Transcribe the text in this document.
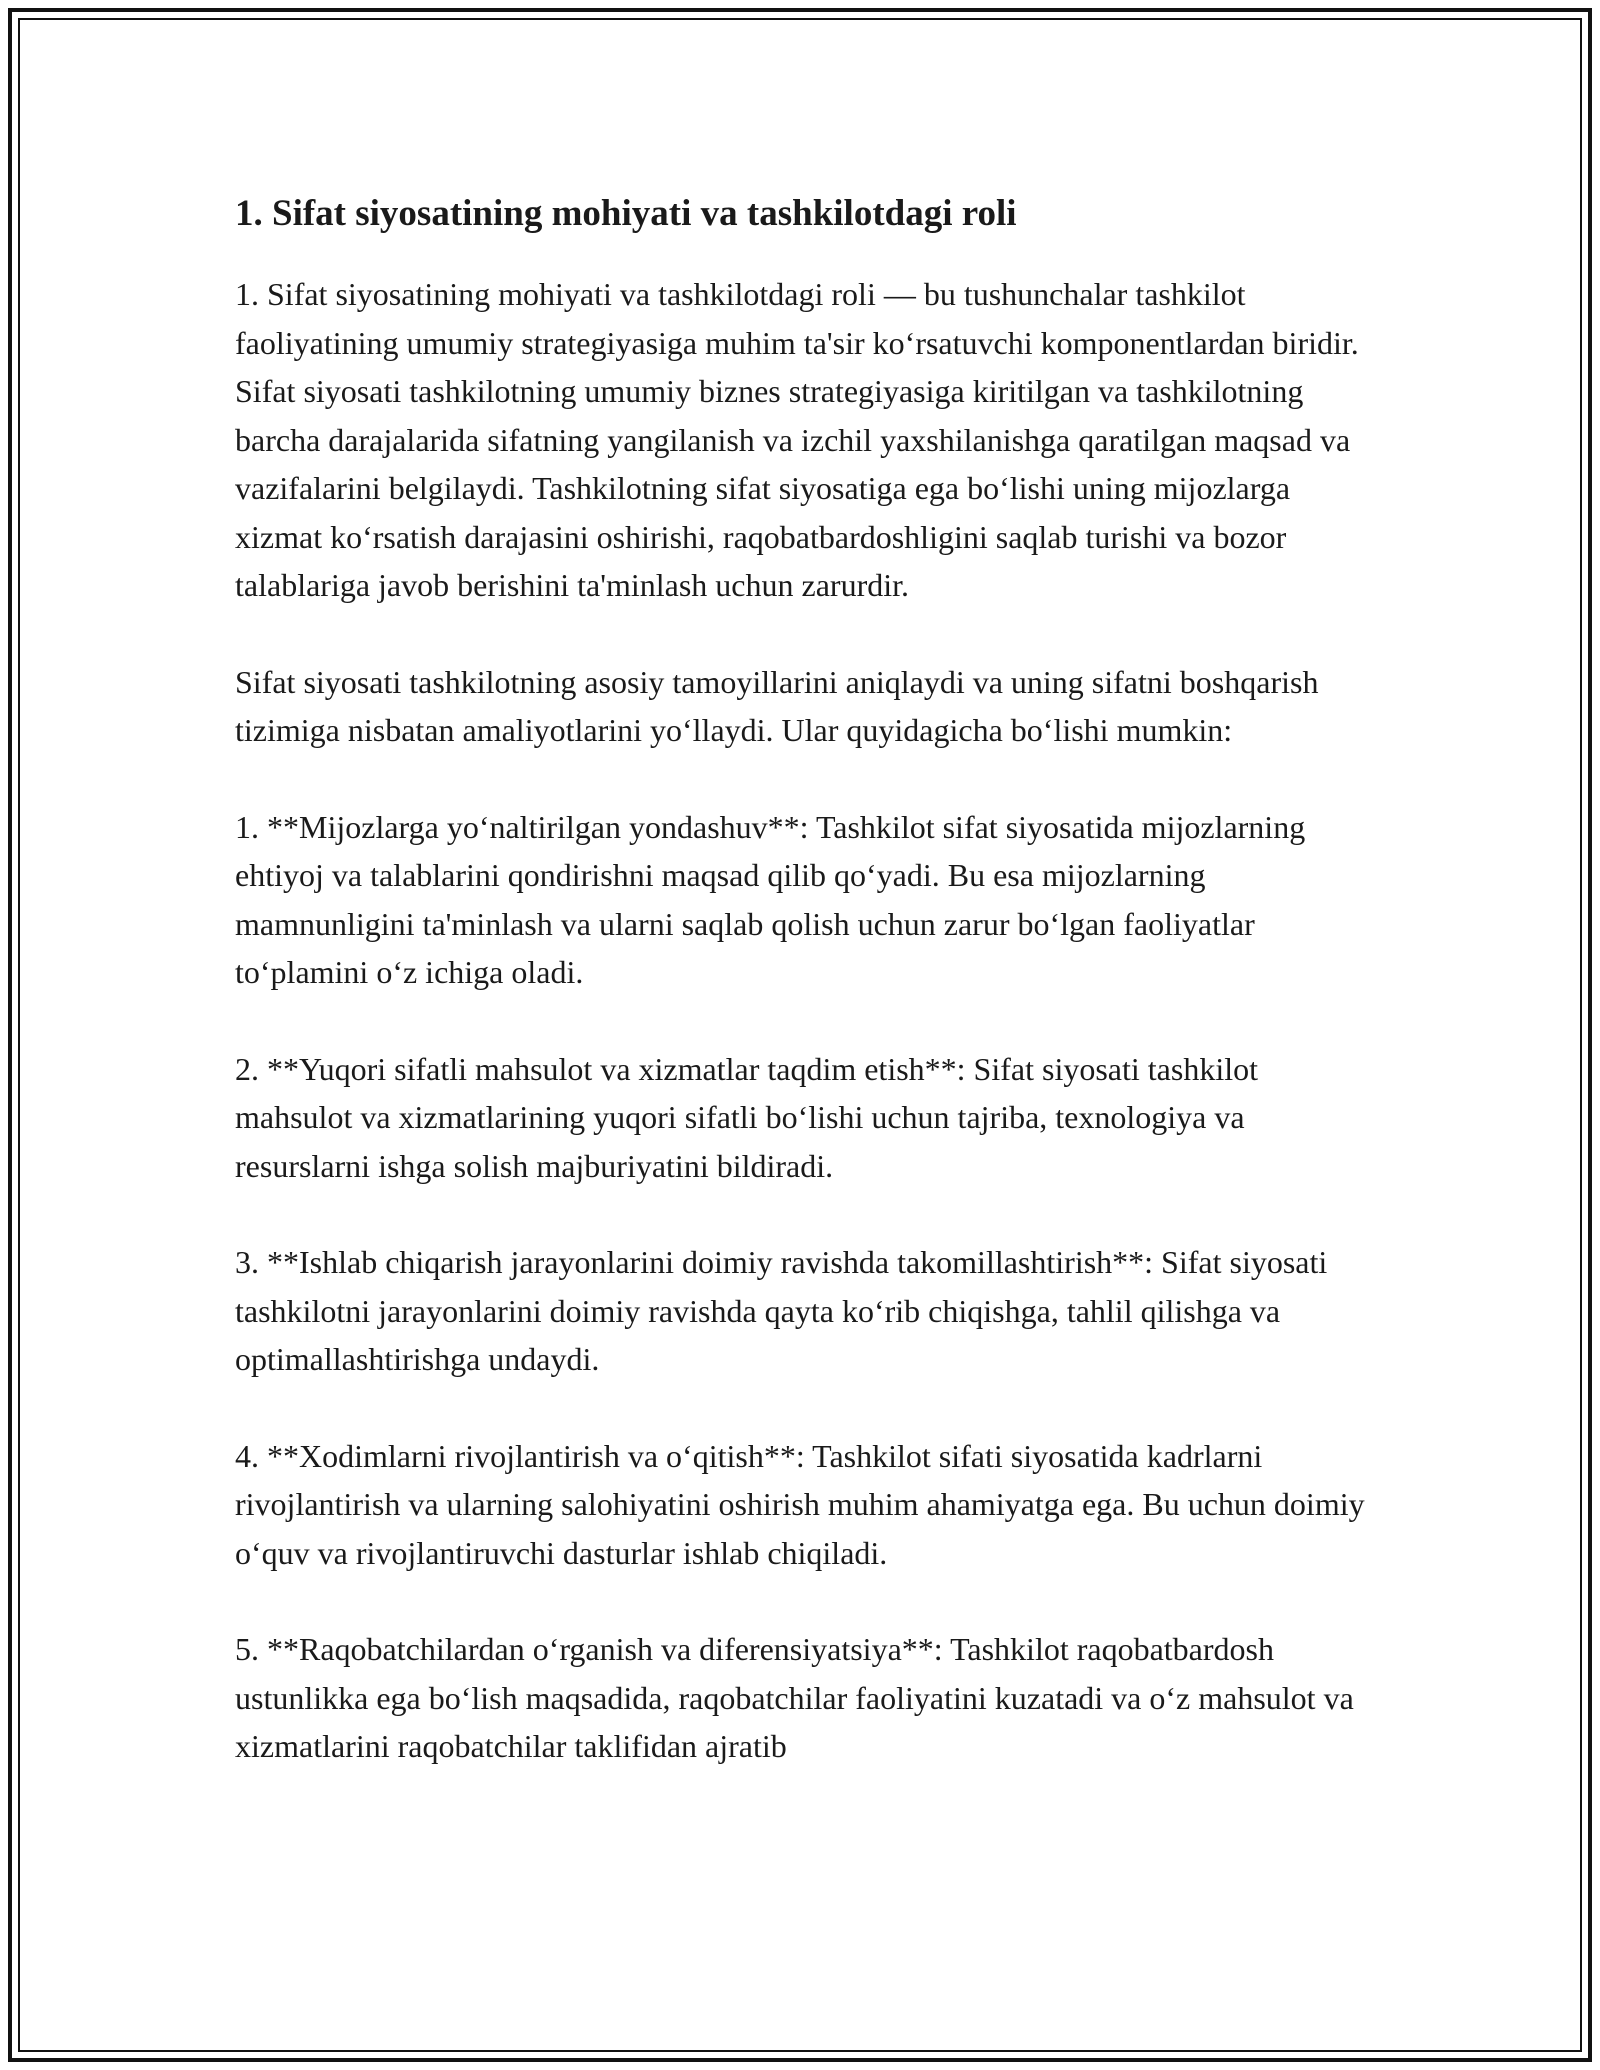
1. Sifat siyosatining mohiyati va tashkilotdagi roli

1. Sifat siyosatining mohiyati va tashkilotdagi roli — bu tushunchalar tashkilot faoliyatining umumiy strategiyasiga muhim ta'sir koʻrsatuvchi komponentlardan biridir. Sifat siyosati tashkilotning umumiy biznes strategiyasiga kiritilgan va tashkilotning barcha darajalarida sifatning yangilanish va izchil yaxshilanishga qaratilgan maqsad va vazifalarini belgilaydi. Tashkilotning sifat siyosatiga ega boʻlishi uning mijozlarga xizmat koʻrsatish darajasini oshirishi, raqobatbardoshligini saqlab turishi va bozor talablariga javob berishini ta'minlash uchun zarurdir.

Sifat siyosati tashkilotning asosiy tamoyillarini aniqlaydi va uning sifatni boshqarish tizimiga nisbatan amaliyotlarini yoʻllaydi. Ular quyidagicha boʻlishi mumkin:

1. **Mijozlarga yoʻnaltirilgan yondashuv**: Tashkilot sifat siyosatida mijozlarning ehtiyoj va talablarini qondirishni maqsad qilib qoʻyadi. Bu esa mijozlarning mamnunligini ta'minlash va ularni saqlab qolish uchun zarur boʻlgan faoliyatlar toʻplamini oʻz ichiga oladi.

2. **Yuqori sifatli mahsulot va xizmatlar taqdim etish**: Sifat siyosati tashkilot mahsulot va xizmatlarining yuqori sifatli boʻlishi uchun tajriba, texnologiya va resurslarni ishga solish majburiyatini bildiradi.

3. **Ishlab chiqarish jarayonlarini doimiy ravishda takomillashtirish**: Sifat siyosati tashkilotni jarayonlarini doimiy ravishda qayta koʻrib chiqishga, tahlil qilishga va optimallashtirishga undaydi.

4. **Xodimlarni rivojlantirish va oʻqitish**: Tashkilot sifati siyosatida kadrlarni rivojlantirish va ularning salohiyatini oshirish muhim ahamiyatga ega. Bu uchun doimiy oʻquv va rivojlantiruvchi dasturlar ishlab chiqiladi.

5. **Raqobatchilardan oʻrganish va diferensiyatsiya**: Tashkilot raqobatbardosh ustunlikka ega boʻlish maqsadida, raqobatchilar faoliyatini kuzatadi va oʻz mahsulot va xizmatlarini raqobatchilar taklifidan ajratib
